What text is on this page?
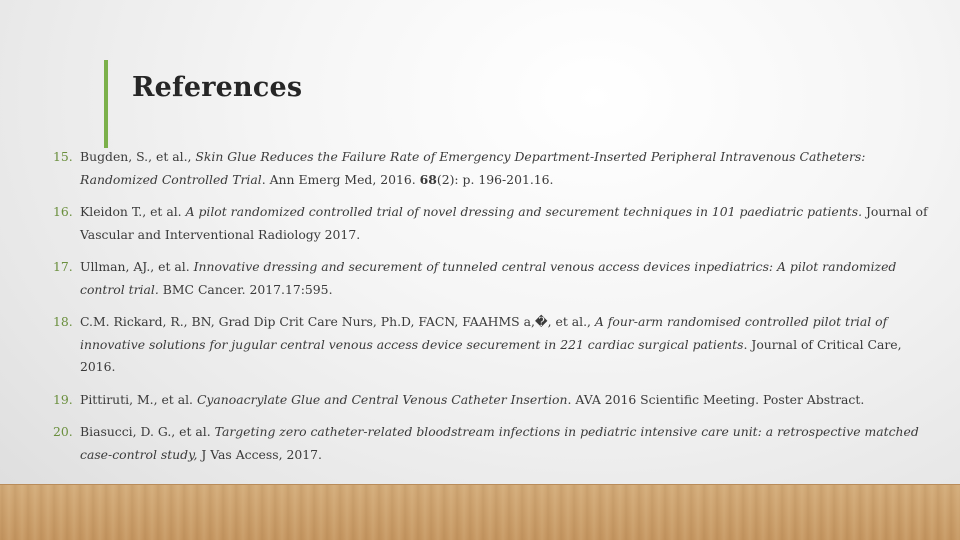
References
15. Bugden, S., et al., Skin Glue Reduces the Failure Rate of Emergency Department-Inserted Peripheral Intravenous Catheters: Randomized Controlled Trial. Ann Emerg Med, 2016. 68(2): p. 196-201.16.
16. Kleidon T., et al. A pilot randomized controlled trial of novel dressing and securement techniques in 101 paediatric patients. Journal of Vascular and Interventional Radiology 2017.
17. Ullman, AJ., et al. Innovative dressing and securement of tunneled central venous access devices inpediatrics: A pilot randomized control trial. BMC Cancer. 2017.17:595.
18. C.M. Rickard, R., BN, Grad Dip Crit Care Nurs, Ph.D, FACN, FAAHMS a,�, et al., A four-arm randomised controlled pilot trial of innovative solutions for jugular central venous access device securement in 221 cardiac surgical patients. Journal of Critical Care, 2016.
19. Pittiruti, M., et al. Cyanoacrylate Glue and Central Venous Catheter Insertion. AVA 2016 Scientific Meeting. Poster Abstract.
20. Biasucci, D. G., et al. Targeting zero catheter-related bloodstream infections in pediatric intensive care unit: a retrospective matched case-control study, J Vas Access, 2017.
